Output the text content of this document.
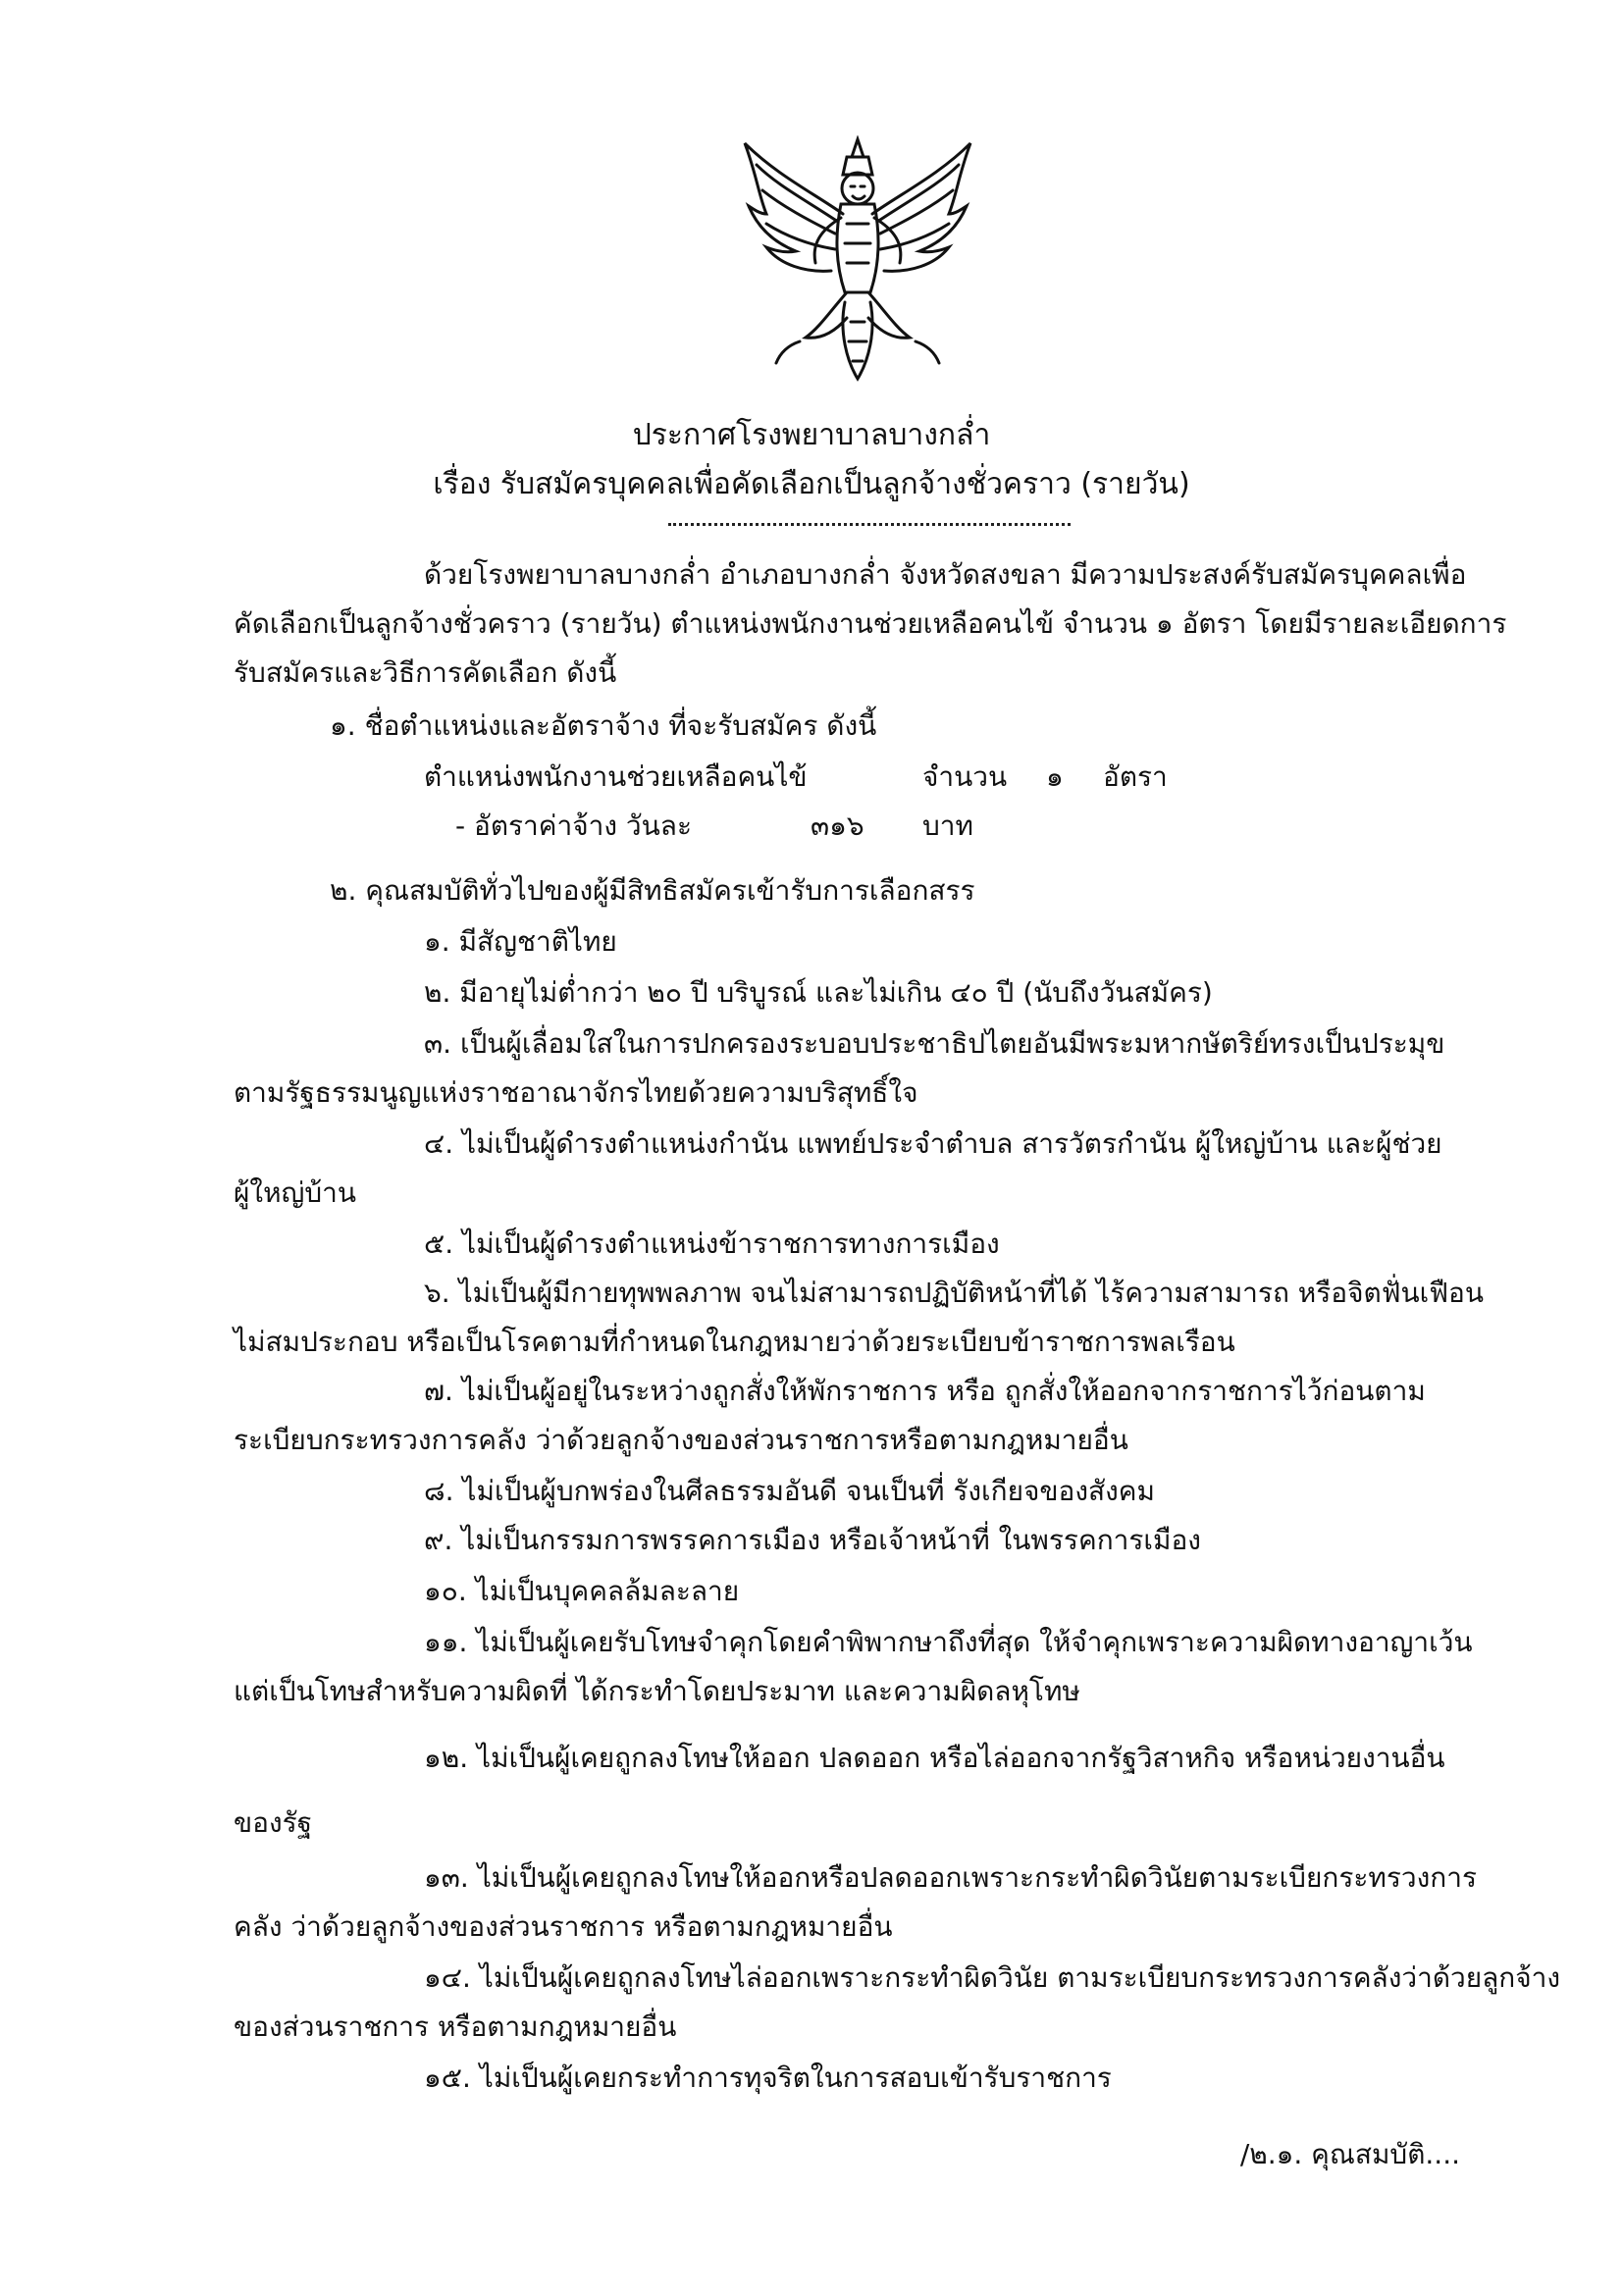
ประกาศโรงพยาบาลบางกล่ำ
เรื่อง รับสมัครบุคคลเพื่อคัดเลือกเป็นลูกจ้างชั่วคราว (รายวัน)
ด้วยโรงพยาบาลบางกล่ำ อำเภอบางกล่ำ จังหวัดสงขลา มีความประสงค์รับสมัครบุคคลเพื่อ
คัดเลือกเป็นลูกจ้างชั่วคราว (รายวัน) ตำแหน่งพนักงานช่วยเหลือคนไข้ จำนวน ๑ อัตรา โดยมีรายละเอียดการ
รับสมัครและวิธีการคัดเลือก ดังนี้
๑. ชื่อตำแหน่งและอัตราจ้าง ที่จะรับสมัคร ดังนี้
ตำแหน่งพนักงานช่วยเหลือคนไข้	จำนวน ๑ อัตรา
- อัตราค่าจ้าง วันละ	๓๑๖ บาท
๒. คุณสมบัติทั่วไปของผู้มีสิทธิสมัครเข้ารับการเลือกสรร
๑. มีสัญชาติไทย
๒. มีอายุไม่ต่ำกว่า ๒๐ ปี บริบูรณ์ และไม่เกิน ๔๐ ปี (นับถึงวันสมัคร)
๓. เป็นผู้เลื่อมใสในการปกครองระบอบประชาธิปไตยอันมีพระมหากษัตริย์ทรงเป็นประมุข
ตามรัฐธรรมนูญแห่งราชอาณาจักรไทยด้วยความบริสุทธิ์ใจ
๔. ไม่เป็นผู้ดำรงตำแหน่งกำนัน แพทย์ประจำตำบล สารวัตรกำนัน ผู้ใหญ่บ้าน และผู้ช่วย
ผู้ใหญ่บ้าน
๕. ไม่เป็นผู้ดำรงตำแหน่งข้าราชการทางการเมือง
๖. ไม่เป็นผู้มีกายทุพพลภาพ จนไม่สามารถปฏิบัติหน้าที่ได้ ไร้ความสามารถ หรือจิตฟั่นเฟือน
ไม่สมประกอบ หรือเป็นโรคตามที่กำหนดในกฎหมายว่าด้วยระเบียบข้าราชการพลเรือน
๗. ไม่เป็นผู้อยู่ในระหว่างถูกสั่งให้พักราชการ หรือ ถูกสั่งให้ออกจากราชการไว้ก่อนตาม
ระเบียบกระทรวงการคลัง ว่าด้วยลูกจ้างของส่วนราชการหรือตามกฎหมายอื่น
๘. ไม่เป็นผู้บกพร่องในศีลธรรมอันดี จนเป็นที่ รังเกียจของสังคม
๙. ไม่เป็นกรรมการพรรคการเมือง หรือเจ้าหน้าที่ ในพรรคการเมือง
๑๐. ไม่เป็นบุคคลล้มละลาย
๑๑. ไม่เป็นผู้เคยรับโทษจำคุกโดยคำพิพากษาถึงที่สุด ให้จำคุกเพราะความผิดทางอาญาเว้น
แต่เป็นโทษสำหรับความผิดที่ ได้กระทำโดยประมาท และความผิดลหุโทษ
๑๒. ไม่เป็นผู้เคยถูกลงโทษให้ออก ปลดออก หรือไล่ออกจากรัฐวิสาหกิจ หรือหน่วยงานอื่น
ของรัฐ
๑๓. ไม่เป็นผู้เคยถูกลงโทษให้ออกหรือปลดออกเพราะกระทำผิดวินัยตามระเบียกระทรวงการ
คลัง ว่าด้วยลูกจ้างของส่วนราชการ หรือตามกฎหมายอื่น
๑๔. ไม่เป็นผู้เคยถูกลงโทษไล่ออกเพราะกระทำผิดวินัย ตามระเบียบกระทรวงการคลังว่าด้วยลูกจ้าง
ของส่วนราชการ หรือตามกฎหมายอื่น
๑๕. ไม่เป็นผู้เคยกระทำการทุจริตในการสอบเข้ารับราชการ
/๒.๑. คุณสมบัติ....
